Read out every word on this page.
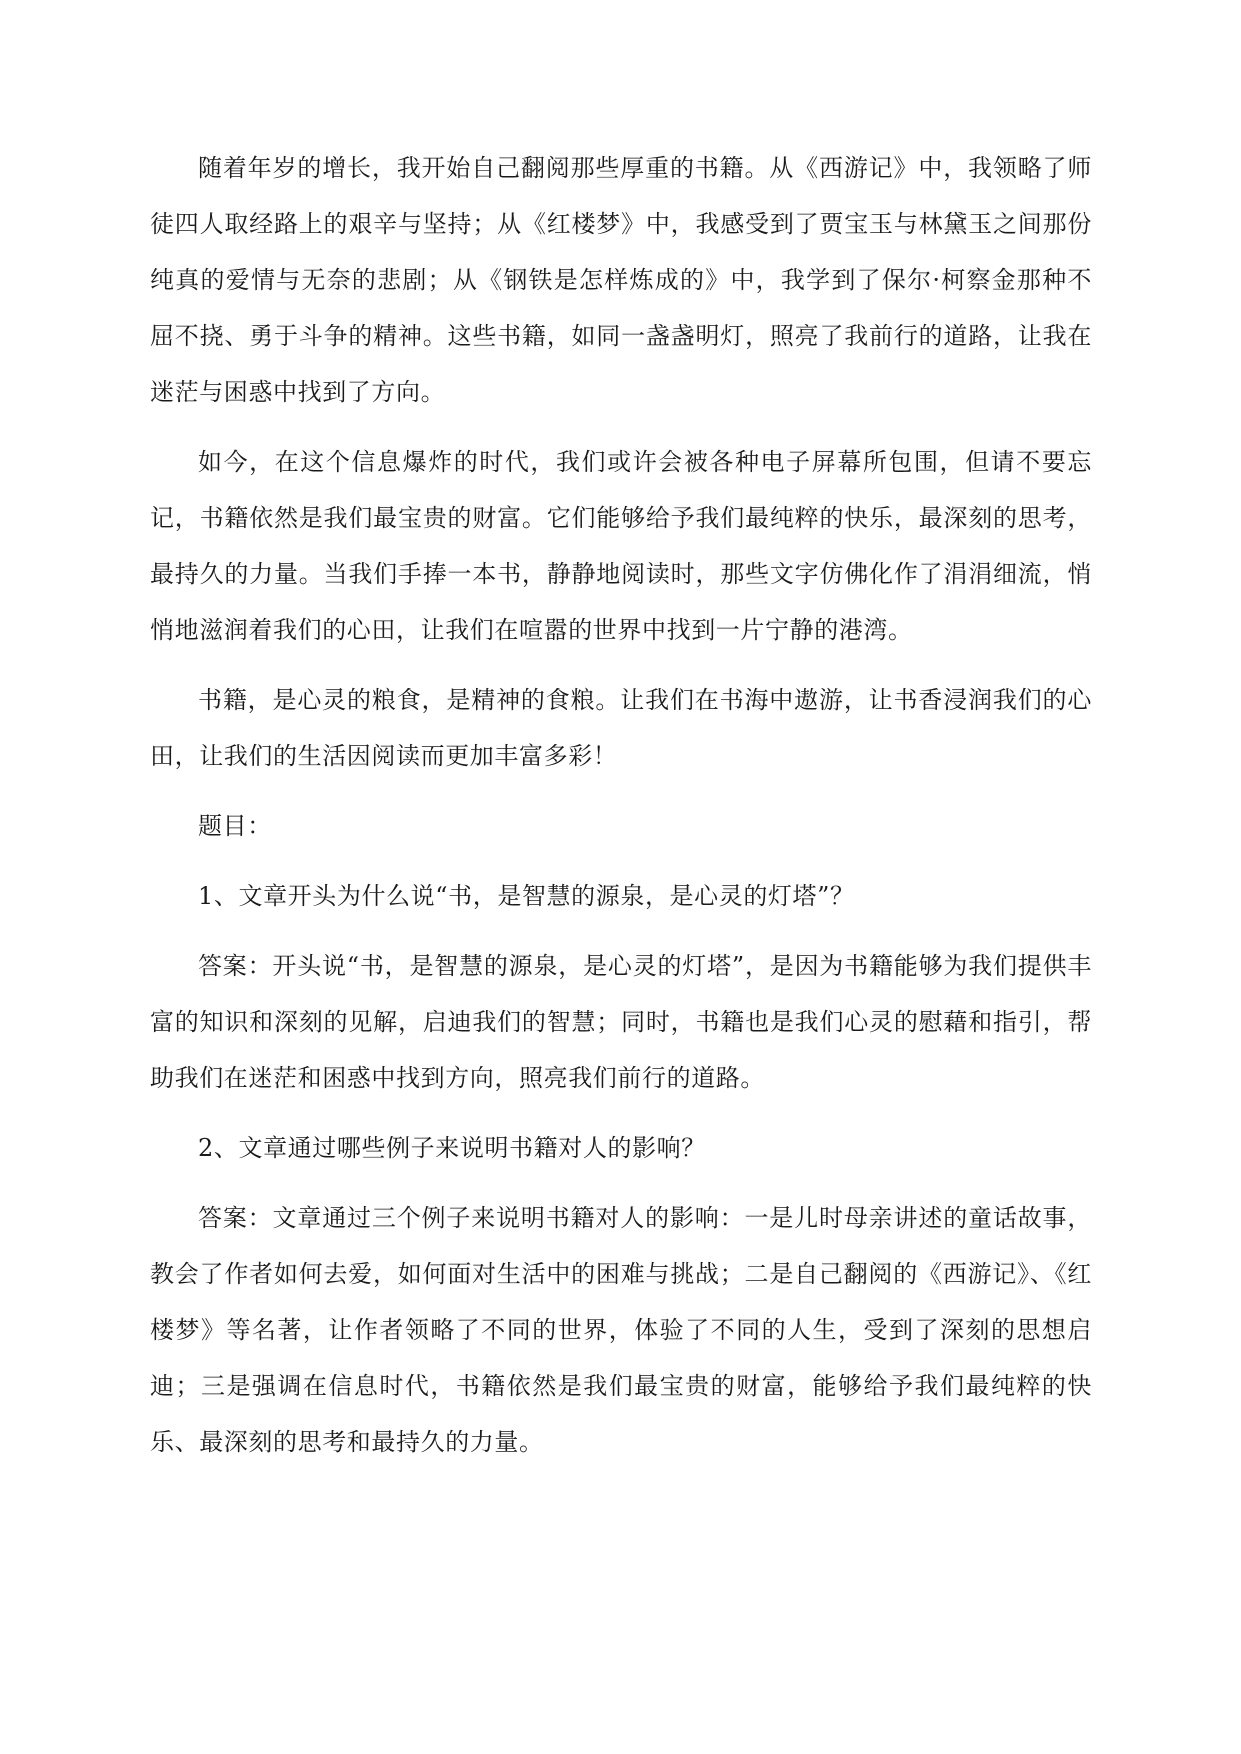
随着年岁的增长，我开始自己翻阅那些厚重的书籍。从《西游记》中，我领略了师徒四人取经路上的艰辛与坚持；从《红楼梦》中，我感受到了贾宝玉与林黛玉之间那份纯真的爱情与无奈的悲剧；从《钢铁是怎样炼成的》中，我学到了保尔·柯察金那种不屈不挠、勇于斗争的精神。这些书籍，如同一盏盏明灯，照亮了我前行的道路，让我在迷茫与困惑中找到了方向。

如今，在这个信息爆炸的时代，我们或许会被各种电子屏幕所包围，但请不要忘记，书籍依然是我们最宝贵的财富。它们能够给予我们最纯粹的快乐，最深刻的思考，最持久的力量。当我们手捧一本书，静静地阅读时，那些文字仿佛化作了涓涓细流，悄悄地滋润着我们的心田，让我们在喧嚣的世界中找到一片宁静的港湾。

书籍，是心灵的粮食，是精神的食粮。让我们在书海中遨游，让书香浸润我们的心田，让我们的生活因阅读而更加丰富多彩！

题目：

1、文章开头为什么说“书，是智慧的源泉，是心灵的灯塔”？

答案：开头说“书，是智慧的源泉，是心灵的灯塔”，是因为书籍能够为我们提供丰富的知识和深刻的见解，启迪我们的智慧；同时，书籍也是我们心灵的慰藉和指引，帮助我们在迷茫和困惑中找到方向，照亮我们前行的道路。

2、文章通过哪些例子来说明书籍对人的影响？

答案：文章通过三个例子来说明书籍对人的影响：一是儿时母亲讲述的童话故事，教会了作者如何去爱，如何面对生活中的困难与挑战；二是自己翻阅的《西游记》、《红楼梦》等名著，让作者领略了不同的世界，体验了不同的人生，受到了深刻的思想启迪；三是强调在信息时代，书籍依然是我们最宝贵的财富，能够给予我们最纯粹的快乐、最深刻的思考和最持久的力量。
